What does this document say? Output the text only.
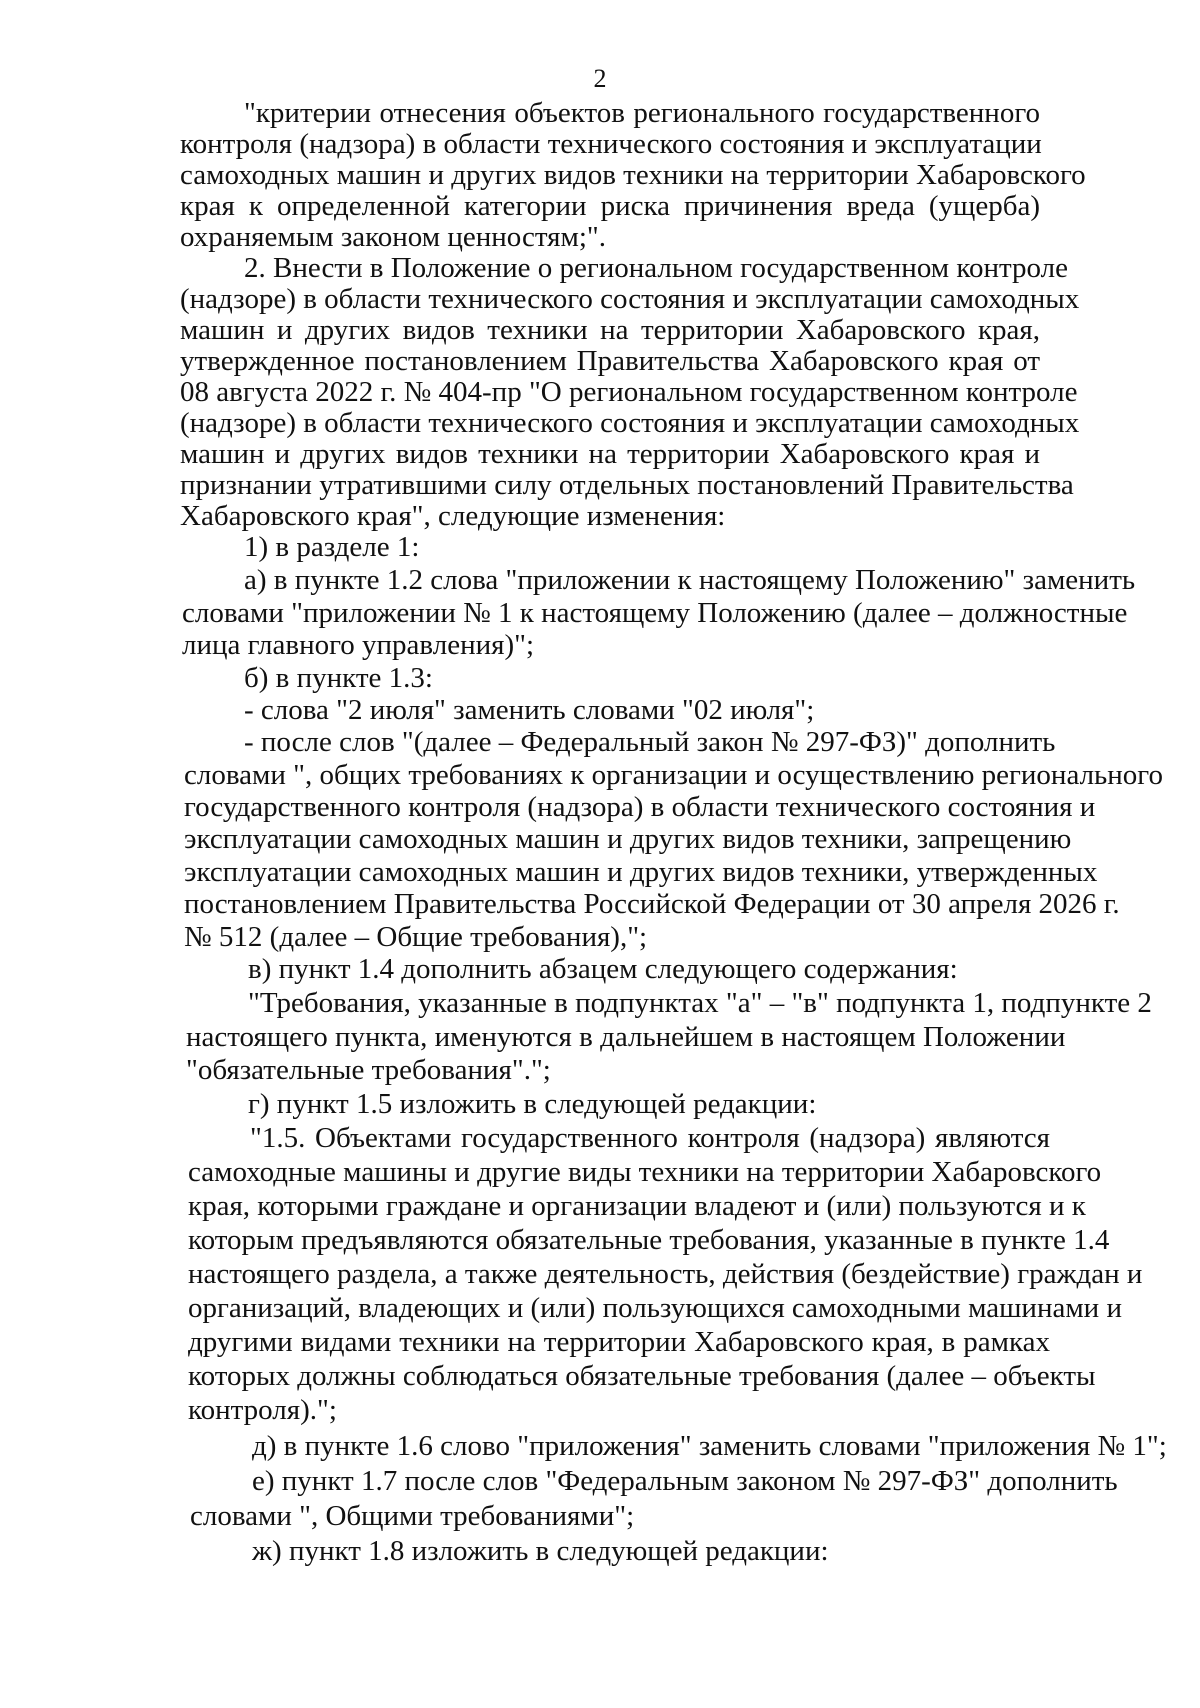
2
"критерии отнесения объектов регионального государственного
контроля (надзора) в области технического состояния и эксплуатации
самоходных машин и других видов техники на территории Хабаровского
края к определенной категории риска причинения вреда (ущерба)
охраняемым законом ценностям;".
2. Внести в Положение о региональном государственном контроле
(надзоре) в области технического состояния и эксплуатации самоходных
машин и других видов техники на территории Хабаровского края,
утвержденное постановлением Правительства Хабаровского края от
08 августа 2022 г. № 404-пр "О региональном государственном контроле
(надзоре) в области технического состояния и эксплуатации самоходных
машин и других видов техники на территории Хабаровского края и
признании утратившими силу отдельных постановлений Правительства
Хабаровского края", следующие изменения:
1) в разделе 1:
а) в пункте 1.2 слова "приложении к настоящему Положению" заменить
словами "приложении № 1 к настоящему Положению (далее – должностные
лица главного управления)";
б) в пункте 1.3:
- слова "2 июля" заменить словами "02 июля";
- после слов "(далее – Федеральный закон № 297-ФЗ)" дополнить
словами ", общих требованиях к организации и осуществлению регионального
государственного контроля (надзора) в области технического состояния и
эксплуатации самоходных машин и других видов техники, запрещению
эксплуатации самоходных машин и других видов техники, утвержденных
постановлением Правительства Российской Федерации от 30 апреля 2026 г.
№ 512 (далее – Общие требования),";
в) пункт 1.4 дополнить абзацем следующего содержания:
"Требования, указанные в подпунктах "а" – "в" подпункта 1, подпункте 2
настоящего пункта, именуются в дальнейшем в настоящем Положении
"обязательные требования".";
г) пункт 1.5 изложить в следующей редакции:
"1.5. Объектами государственного контроля (надзора) являются
самоходные машины и другие виды техники на территории Хабаровского
края, которыми граждане и организации владеют и (или) пользуются и к
которым предъявляются обязательные требования, указанные в пункте 1.4
настоящего раздела, а также деятельность, действия (бездействие) граждан и
организаций, владеющих и (или) пользующихся самоходными машинами и
другими видами техники на территории Хабаровского края, в рамках
которых должны соблюдаться обязательные требования (далее – объекты
контроля).";
д) в пункте 1.6 слово "приложения" заменить словами "приложения № 1";
е) пункт 1.7 после слов "Федеральным законом № 297-ФЗ" дополнить
словами ", Общими требованиями";
ж) пункт 1.8 изложить в следующей редакции:
